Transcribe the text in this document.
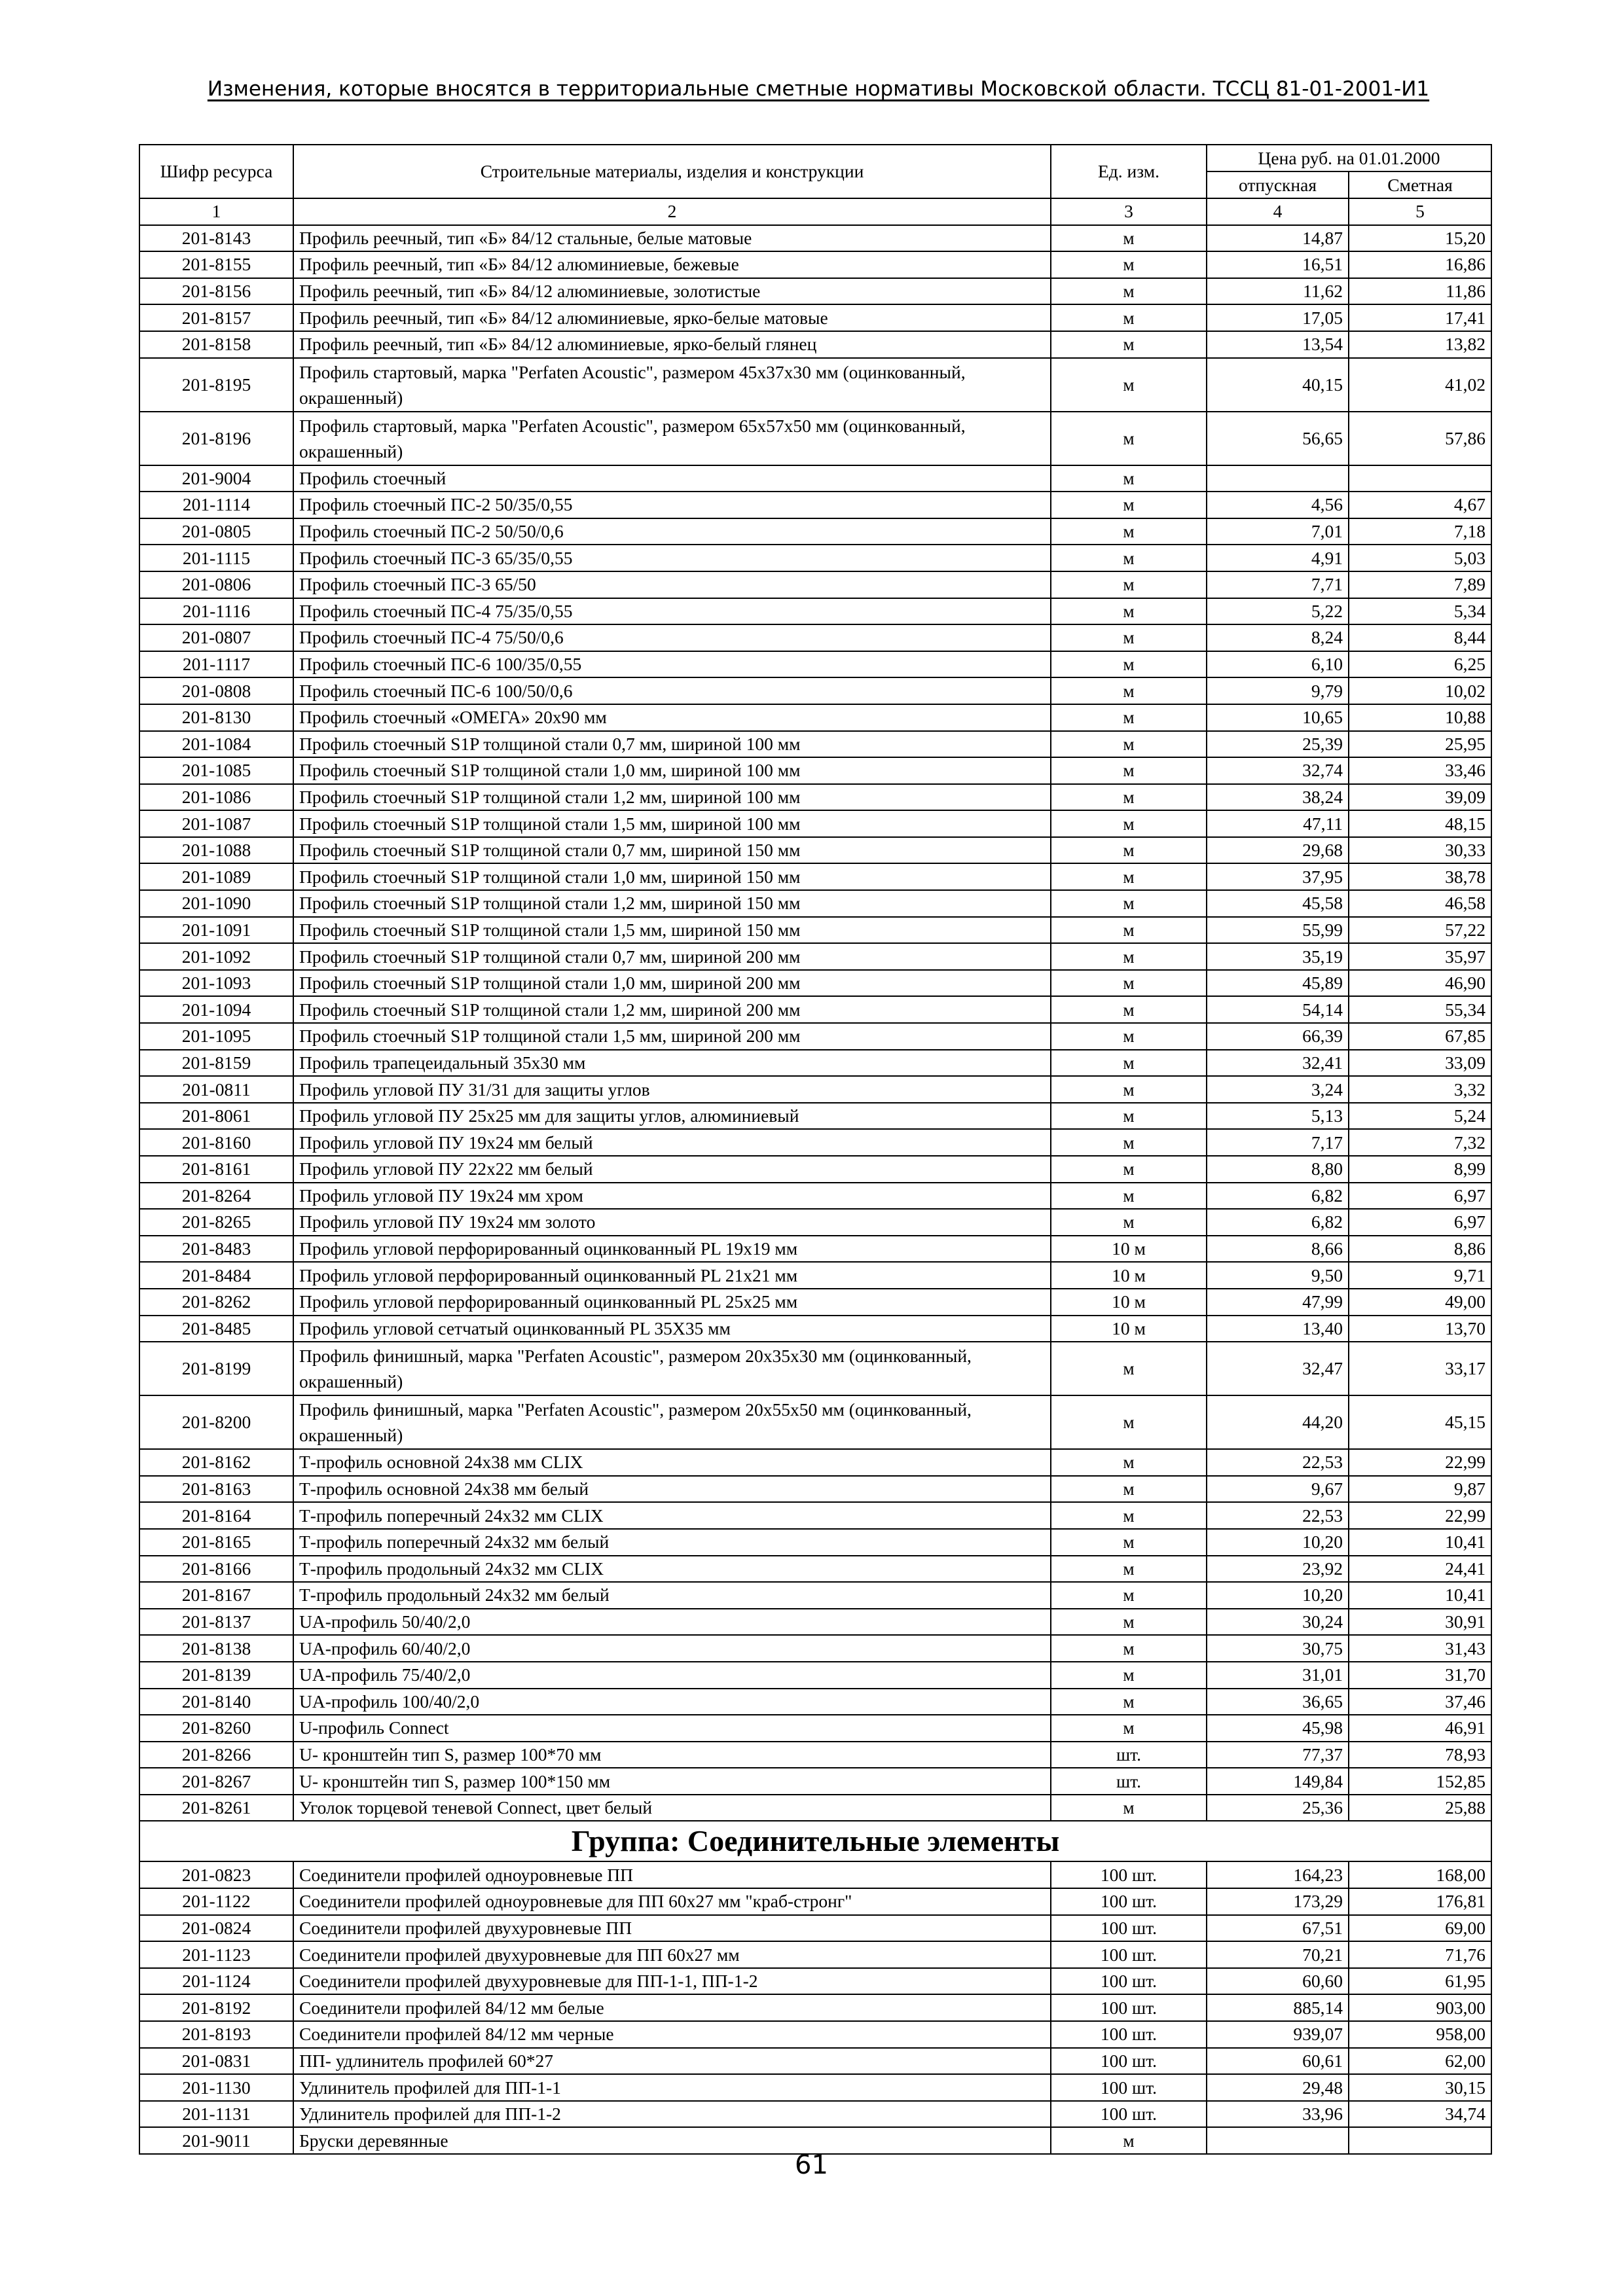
Изменения, которые вносятся в территориальные сметные нормативы Московской области. ТССЦ 81-01-2001-И1
Шифр ресурса	Строительные материалы, изделия и конструкции	Ед. изм.	Цена руб. на 01.01.2000	
			отпускная	Сметная
1	2	3	4	5
201-8143	Профиль реечный, тип «Б» 84/12 стальные, белые матовые	м	14,87	15,20
201-8155	Профиль реечный, тип «Б» 84/12 алюминиевые, бежевые	м	16,51	16,86
201-8156	Профиль реечный, тип «Б» 84/12 алюминиевые, золотистые	м	11,62	11,86
201-8157	Профиль реечный, тип «Б» 84/12 алюминиевые, ярко-белые матовые	м	17,05	17,41
201-8158	Профиль реечный, тип «Б» 84/12 алюминиевые, ярко-белый глянец	м	13,54	13,82
201-8195	Профиль стартовый, марка "Perfaten Acoustic", размером 45x37x30 мм (оцинкованный, окрашенный)	м	40,15	41,02
201-8196	Профиль стартовый, марка "Perfaten Acoustic", размером 65x57x50 мм (оцинкованный, окрашенный)	м	56,65	57,86
201-9004	Профиль стоечный	м		
201-1114	Профиль стоечный ПС-2 50/35/0,55	м	4,56	4,67
201-0805	Профиль стоечный ПС-2 50/50/0,6	м	7,01	7,18
201-1115	Профиль стоечный ПС-3 65/35/0,55	м	4,91	5,03
201-0806	Профиль стоечный ПС-3 65/50	м	7,71	7,89
201-1116	Профиль стоечный ПС-4 75/35/0,55	м	5,22	5,34
201-0807	Профиль стоечный ПС-4 75/50/0,6	м	8,24	8,44
201-1117	Профиль стоечный ПС-6 100/35/0,55	м	6,10	6,25
201-0808	Профиль стоечный ПС-6 100/50/0,6	м	9,79	10,02
201-8130	Профиль стоечный «ОМЕГА» 20х90 мм	м	10,65	10,88
201-1084	Профиль стоечный S1P толщиной стали 0,7 мм, шириной 100 мм	м	25,39	25,95
201-1085	Профиль стоечный S1P толщиной стали 1,0 мм, шириной 100 мм	м	32,74	33,46
201-1086	Профиль стоечный S1P толщиной стали 1,2 мм, шириной 100 мм	м	38,24	39,09
201-1087	Профиль стоечный S1P толщиной стали 1,5 мм, шириной 100 мм	м	47,11	48,15
201-1088	Профиль стоечный S1P толщиной стали 0,7 мм, шириной 150 мм	м	29,68	30,33
201-1089	Профиль стоечный S1P толщиной стали 1,0 мм, шириной 150 мм	м	37,95	38,78
201-1090	Профиль стоечный S1P толщиной стали 1,2 мм, шириной 150 мм	м	45,58	46,58
201-1091	Профиль стоечный S1P толщиной стали 1,5 мм, шириной 150 мм	м	55,99	57,22
201-1092	Профиль стоечный S1P толщиной стали 0,7 мм, шириной 200 мм	м	35,19	35,97
201-1093	Профиль стоечный S1P толщиной стали 1,0 мм, шириной 200 мм	м	45,89	46,90
201-1094	Профиль стоечный S1P толщиной стали 1,2 мм, шириной 200 мм	м	54,14	55,34
201-1095	Профиль стоечный S1P толщиной стали 1,5 мм, шириной 200 мм	м	66,39	67,85
201-8159	Профиль трапецеидальный 35х30 мм	м	32,41	33,09
201-0811	Профиль угловой ПУ 31/31 для защиты углов	м	3,24	3,32
201-8061	Профиль угловой ПУ 25х25 мм для защиты углов, алюминиевый	м	5,13	5,24
201-8160	Профиль угловой ПУ 19х24 мм белый	м	7,17	7,32
201-8161	Профиль угловой ПУ 22х22 мм белый	м	8,80	8,99
201-8264	Профиль угловой ПУ 19х24 мм хром	м	6,82	6,97
201-8265	Профиль угловой ПУ 19х24 мм золото	м	6,82	6,97
201-8483	Профиль угловой перфорированный оцинкованный PL 19x19 мм	10 м	8,66	8,86
201-8484	Профиль угловой перфорированный оцинкованный PL 21x21 мм	10 м	9,50	9,71
201-8262	Профиль угловой перфорированный оцинкованный PL 25x25 мм	10 м	47,99	49,00
201-8485	Профиль угловой сетчатый оцинкованный PL 35X35 мм	10 м	13,40	13,70
201-8199	Профиль финишный, марка "Perfaten Acoustic", размером 20x35x30 мм (оцинкованный, окрашенный)	м	32,47	33,17
201-8200	Профиль финишный, марка "Perfaten Acoustic", размером 20x55x50 мм (оцинкованный, окрашенный)	м	44,20	45,15
201-8162	Т-профиль основной 24х38 мм CLIX	м	22,53	22,99
201-8163	Т-профиль основной 24х38 мм белый	м	9,67	9,87
201-8164	Т-профиль поперечный 24х32 мм CLIX	м	22,53	22,99
201-8165	Т-профиль поперечный 24х32 мм белый	м	10,20	10,41
201-8166	Т-профиль продольный 24х32 мм CLIX	м	23,92	24,41
201-8167	Т-профиль продольный 24х32 мм белый	м	10,20	10,41
201-8137	UA-профиль 50/40/2,0	м	30,24	30,91
201-8138	UA-профиль 60/40/2,0	м	30,75	31,43
201-8139	UA-профиль 75/40/2,0	м	31,01	31,70
201-8140	UA-профиль 100/40/2,0	м	36,65	37,46
201-8260	U-профиль Connect	м	45,98	46,91
201-8266	U- кронштейн тип S, размер 100*70 мм	шт.	77,37	78,93
201-8267	U- кронштейн тип S, размер 100*150 мм	шт.	149,84	152,85
201-8261	Уголок торцевой теневой Connect, цвет белый	м	25,36	25,88
Группа: Соединительные элементы				
201-0823	Соединители профилей одноуровневые ПП	100 шт.	164,23	168,00
201-1122	Соединители профилей одноуровневые для ПП 60х27 мм "краб-стронг"	100 шт.	173,29	176,81
201-0824	Соединители профилей двухуровневые ПП	100 шт.	67,51	69,00
201-1123	Соединители профилей двухуровневые для ПП 60х27 мм	100 шт.	70,21	71,76
201-1124	Соединители профилей двухуровневые для ПП-1-1, ПП-1-2	100 шт.	60,60	61,95
201-8192	Соединители профилей 84/12 мм белые	100 шт.	885,14	903,00
201-8193	Соединители профилей 84/12 мм черные	100 шт.	939,07	958,00
201-0831	ПП- удлинитель профилей 60*27	100 шт.	60,61	62,00
201-1130	Удлинитель профилей для ПП-1-1	100 шт.	29,48	30,15
201-1131	Удлинитель профилей для ПП-1-2	100 шт.	33,96	34,74
201-9011	Бруски деревянные	м		
61
